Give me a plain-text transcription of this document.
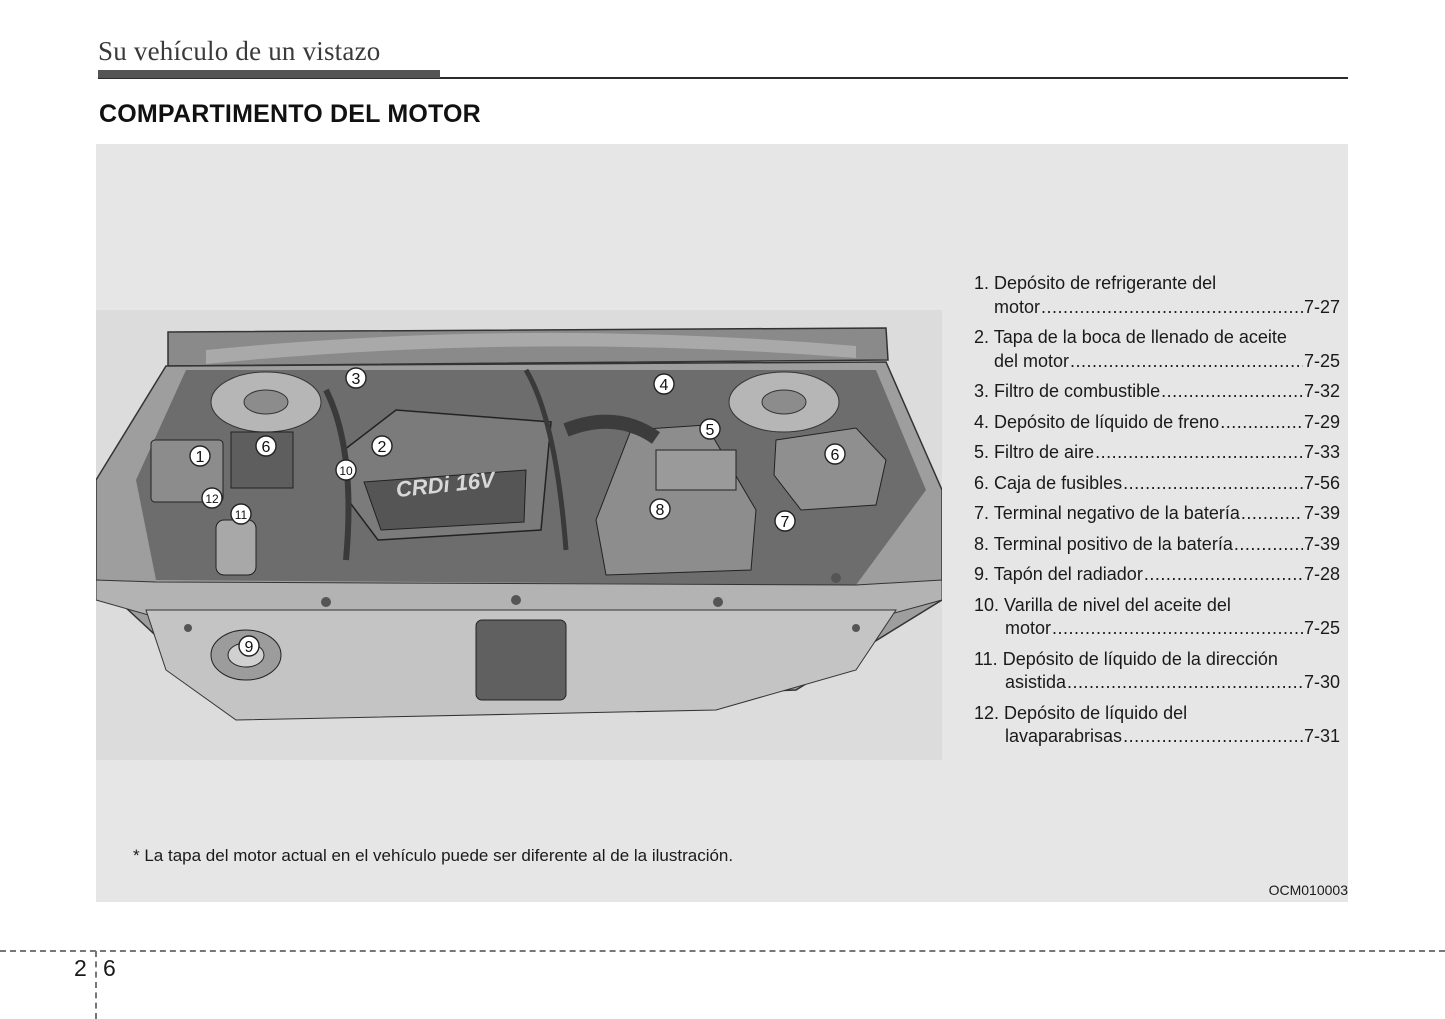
Su vehículo de un vistazo
COMPARTIMENTO DEL MOTOR
CRDi 16V
1
2
3	4
5
6	6
7
8
9
10
11
12
1. Depósito de refrigerante del
motor .....	7-27
2. Tapa de la boca de llenado de aceite
del motor .....	7-25
3. Filtro de combustible .....	7-32
4. Depósito de líquido de freno .....	7-29
5. Filtro de aire .....	7-33
6. Caja de fusibles .....	7-56
7. Terminal negativo de la batería .....	7-39
8. Terminal positivo de la batería .....	7-39
9. Tapón del radiador .....	7-28
10. Varilla de nivel del aceite del
motor .....	7-25
11. Depósito de líquido de la dirección
asistida .....	7-30
12. Depósito de líquido del
lavaparabrisas .....	7-31
* La tapa del motor actual en el vehículo puede ser diferente al de la ilustración.
OCM010003
2 6
